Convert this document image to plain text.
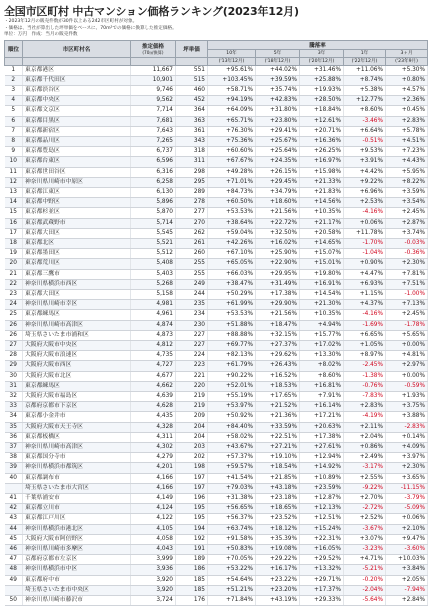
全国市区町村 中古マンション価格ランキング(2023年12月)
・2023年12月の販売件数が30件以上ある242市区町村が対象。
・価格は、当社が算出した坪単価をベースに、70m²での価格に換算した推定価格。
単位：万円　作成：当月の販売件数
順位	市区町村名	推定価格
(70㎡換算)	坪単価	騰落率				
				10年	5年	3年	1年	3ヶ月
				('13年12月)	('18年12月)	('20年12月)	('22年12月)	('23年9月)
1	東京都港区	11,667	551	+95.61%	+44.02%	+31.46%	+11.06%	+5.30%
2	東京都千代田区	10,901	515	+103.45%	+39.59%	+25.88%	+8.74%	+0.80%
3	東京都渋谷区	9,746	460	+58.71%	+35.74%	+19.93%	+5.38%	+4.57%
4	東京都中央区	9,562	452	+94.19%	+42.83%	+28.50%	+12.77%	+2.36%
5	東京都文京区	7,714	364	+64.09%	+31.80%	+18.84%	+8.60%	+0.45%
6	東京都目黒区	7,681	363	+65.71%	+23.80%	+12.61%	-3.46%	+2.83%
7	東京都新宿区	7,643	361	+76.30%	+29.41%	+20.71%	+6.64%	+5.78%
8	東京都品川区	7,265	343	+75.36%	+25.67%	+16.36%	-0.51%	+4.51%
9	東京都豊島区	6,737	318	+60.60%	+25.64%	+26.25%	+9.53%	+7.23%
10	東京都台東区	6,596	311	+67.67%	+24.35%	+16.97%	+3.91%	+4.43%
11	東京都世田谷区	6,316	298	+49.28%	+26.15%	+15.98%	+4.42%	+5.95%
12	神奈川県川崎市中原区	6,258	295	+71.01%	+29.45%	+21.33%	+9.22%	+8.22%
13	東京都江東区	6,130	289	+84.73%	+34.79%	+21.83%	+6.96%	+3.59%
14	東京都中野区	5,896	278	+60.50%	+18.60%	+14.56%	+2.53%	+3.54%
15	東京都杉並区	5,870	277	+53.53%	+21.56%	+10.35%	-4.16%	+2.45%
16	東京都武蔵野市	5,714	270	+38.64%	+22.72%	+21.17%	+0.06%	+2.87%
17	東京都大田区	5,545	262	+59.04%	+32.50%	+20.58%	+11.78%	+3.74%
18	東京都北区	5,521	261	+42.26%	+16.02%	+14.65%	-1.70%	-0.03%
19	東京都墨田区	5,512	260	+67.10%	+25.90%	+15.07%	-1.04%	-0.36%
20	東京都荒川区	5,408	255	+65.05%	+22.90%	+15.01%	+0.90%	+2.30%
21	東京都三鷹市	5,403	255	+66.03%	+29.95%	+19.80%	+4.47%	+7.81%
22	神奈川県横浜市西区	5,268	249	+38.47%	+31.49%	+16.91%	+6.93%	+7.51%
23	東京都大田区	5,158	244	+50.29%	+17.38%	+14.54%	+1.15%	-1.00%
24	神奈川県川崎市幸区	4,981	235	+61.99%	+29.90%	+21.30%	+4.37%	+7.13%
25	東京都練馬区	4,961	234	+53.53%	+21.56%	+10.35%	-4.16%	+2.45%
26	神奈川県川崎市高津区	4,874	230	+51.88%	+18.47%	+4.94%	-1.69%	-1.78%
26	埼玉県さいたま市浦和区	4,873	227	+88.88%	+32.15%	+15.77%	+6.65%	+5.65%
27	大阪府大阪市中央区	4,812	227	+69.77%	+27.37%	+17.02%	+1.05%	+0.00%
28	大阪府大阪市浪速区	4,735	224	+82.13%	+29.62%	+13.30%	+8.97%	+4.81%
29	大阪府大阪市西区	4,727	223	+61.79%	+26.43%	+8.02%	-2.45%	+2.97%
30	大阪府大阪市北区	4,677	221	+90.22%	+16.52%	+8.60%	-1.38%	+0.00%
31	東京都練馬区	4,662	220	+52.01%	+18.53%	+16.81%	-0.76%	-0.59%
32	大阪府大阪市福島区	4,639	219	+55.19%	+17.65%	+7.91%	-7.83%	+1.93%
33	京都府京都市下京区	4,628	219	+53.97%	+21.52%	+16.14%	+2.83%	+3.75%
34	東京都小金井市	4,435	209	+50.92%	+21.36%	+17.21%	-4.19%	+3.88%
35	大阪府大阪市天王寺区	4,328	204	+84.40%	+33.59%	+20.63%	+2.11%	-2.83%
36	東京都板橋区	4,311	204	+58.02%	+22.51%	+17.38%	+2.04%	+0.14%
37	神奈川県川崎市高津区	4,302	203	+43.67%	+27.21%	+27.61%	+0.86%	+4.09%
38	東京都国分寺市	4,279	202	+57.37%	+19.10%	+12.94%	+2.49%	+3.97%
39	神奈川県横浜市都筑区	4,201	198	+59.57%	+18.54%	+14.92%	-3.17%	+2.30%
40	東京都調布市	4,166	197	+41.54%	+21.85%	+10.89%	+2.55%	+3.65%
	埼玉県さいたま市大宮区	4,166	197	+79.03%	+43.18%	+23.59%	-9.22%	-11.15%
41	千葉県浦安市	4,149	196	+31.38%	+23.18%	+12.87%	+2.70%	-3.79%
42	東京都立川市	4,124	195	+56.65%	+18.65%	+12.13%	-2.72%	-5.09%
43	東京都江戸川区	4,122	195	+56.37%	+23.52%	+12.51%	+2.52%	+0.06%
44	神奈川県横浜市港北区	4,105	194	+63.74%	+18.12%	+15.24%	-3.67%	+2.10%
45	大阪府大阪市阿倍野区	4,058	192	+91.58%	+35.39%	+22.31%	+3.07%	+9.47%
46	神奈川県川崎市多摩区	4,043	191	+50.83%	+19.08%	+16.05%	-3.23%	-3.60%
47	京都府京都市左京区	3,999	189	+70.05%	+29.22%	+29.52%	+4.71%	+10.03%
48	神奈川県横浜市中区	3,936	186	+53.22%	+16.17%	+13.32%	-5.21%	+3.84%
49	東京都府中市	3,920	185	+54.64%	+23.22%	+29.71%	-0.20%	+2.05%
	埼玉県さいたま市中央区	3,920	185	+51.21%	+23.20%	+17.37%	-2.04%	-7.94%
50	神奈川県川崎市藤沢市	3,724	176	+71.84%	+43.19%	+29.33%	-5.64%	+2.84%
